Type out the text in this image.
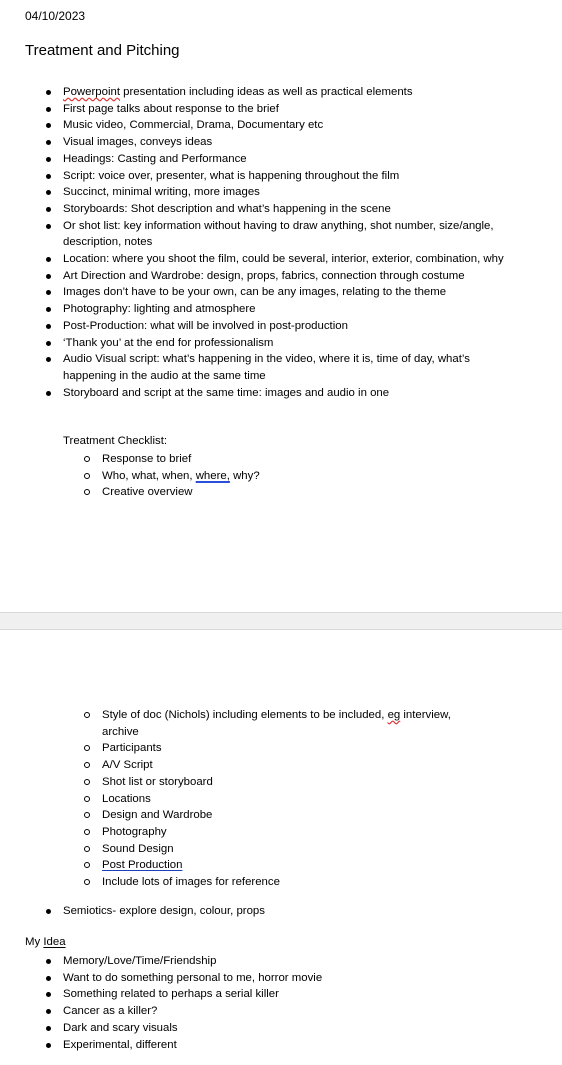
04/10/2023
Treatment and Pitching
Powerpoint presentation including ideas as well as practical elements
First page talks about response to the brief
Music video, Commercial, Drama, Documentary etc
Visual images, conveys ideas
Headings: Casting and Performance
Script: voice over, presenter, what is happening throughout the film
Succinct, minimal writing, more images
Storyboards: Shot description and what’s happening in the scene
Or shot list: key information without having to draw anything, shot number, size/angle, description, notes
Location: where you shoot the film, could be several, interior, exterior, combination, why
Art Direction and Wardrobe: design, props, fabrics, connection through costume
Images don’t have to be your own, can be any images, relating to the theme
Photography: lighting and atmosphere
Post-Production: what will be involved in post-production
‘Thank you’ at the end for professionalism
Audio Visual script: what’s happening in the video, where it is, time of day, what’s happening in the audio at the same time
Storyboard and script at the same time: images and audio in one
Treatment Checklist:
Response to brief
Who, what, when, where, why?
Creative overview
Style of doc (Nichols) including elements to be included, eg interview, archive
Participants
A/V Script
Shot list or storyboard
Locations
Design and Wardrobe
Photography
Sound Design
Post Production
Include lots of images for reference
Semiotics- explore design, colour, props
My Idea
Memory/Love/Time/Friendship
Want to do something personal to me, horror movie
Something related to perhaps a serial killer
Cancer as a killer?
Dark and scary visuals
Experimental, different
